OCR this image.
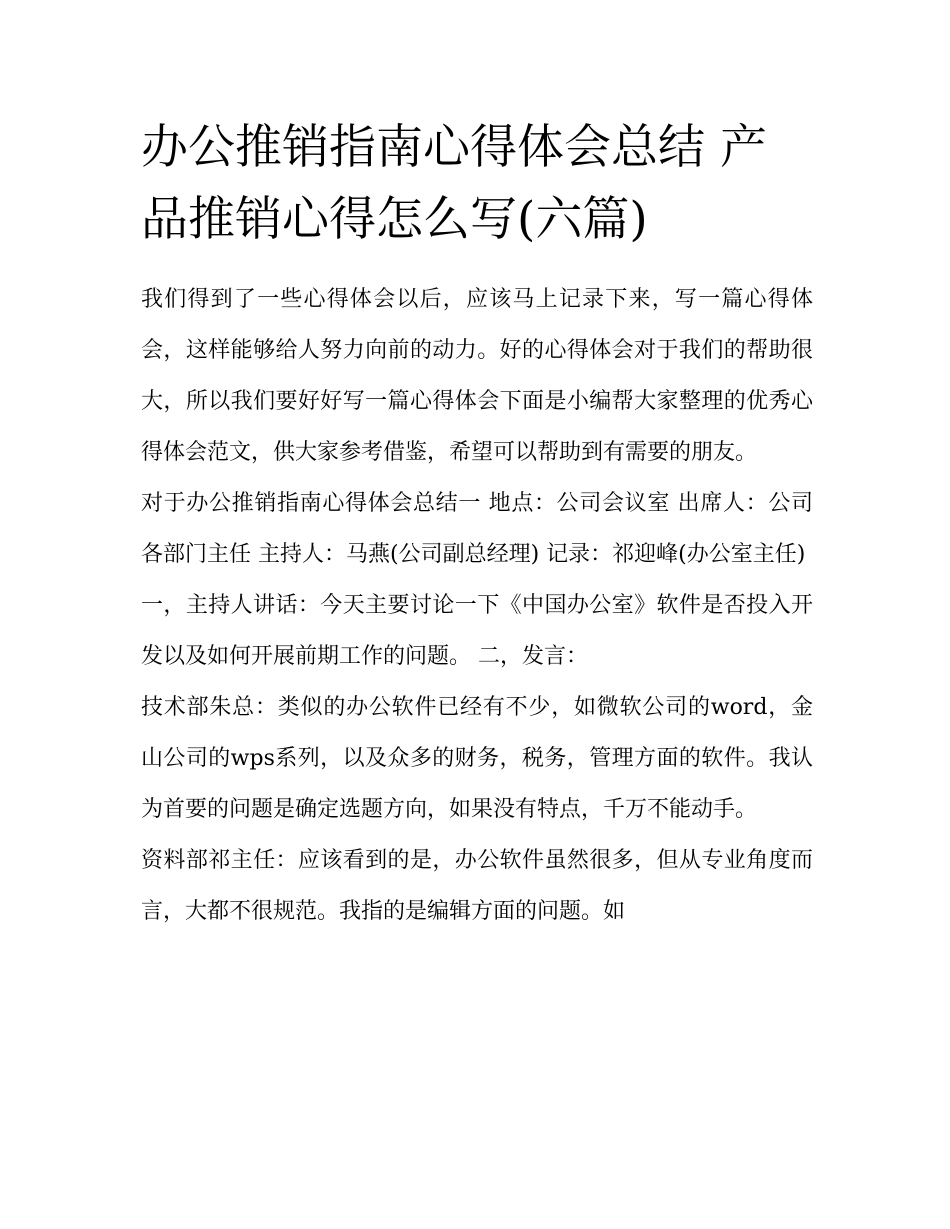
办公推销指南心得体会总结 产品推销心得怎么写(六篇)

我们得到了一些心得体会以后，应该马上记录下来，写一篇心得体会，这样能够给人努力向前的动力。好的心得体会对于我们的帮助很大，所以我们要好好写一篇心得体会下面是小编帮大家整理的优秀心得体会范文，供大家参考借鉴，希望可以帮助到有需要的朋友。

对于办公推销指南心得体会总结一 地点：公司会议室 出席人：公司各部门主任 主持人：马燕(公司副总经理) 记录：祁迎峰(办公室主任)

一，主持人讲话：今天主要讨论一下《中国办公室》软件是否投入开发以及如何开展前期工作的问题。 二，发言：

技术部朱总：类似的办公软件已经有不少，如微软公司的word，金山公司的wps系列，以及众多的财务，税务，管理方面的软件。我认为首要的问题是确定选题方向，如果没有特点，千万不能动手。

资料部祁主任：应该看到的是，办公软件虽然很多，但从专业角度而言，大都不很规范。我指的是编辑方面的问题。如
